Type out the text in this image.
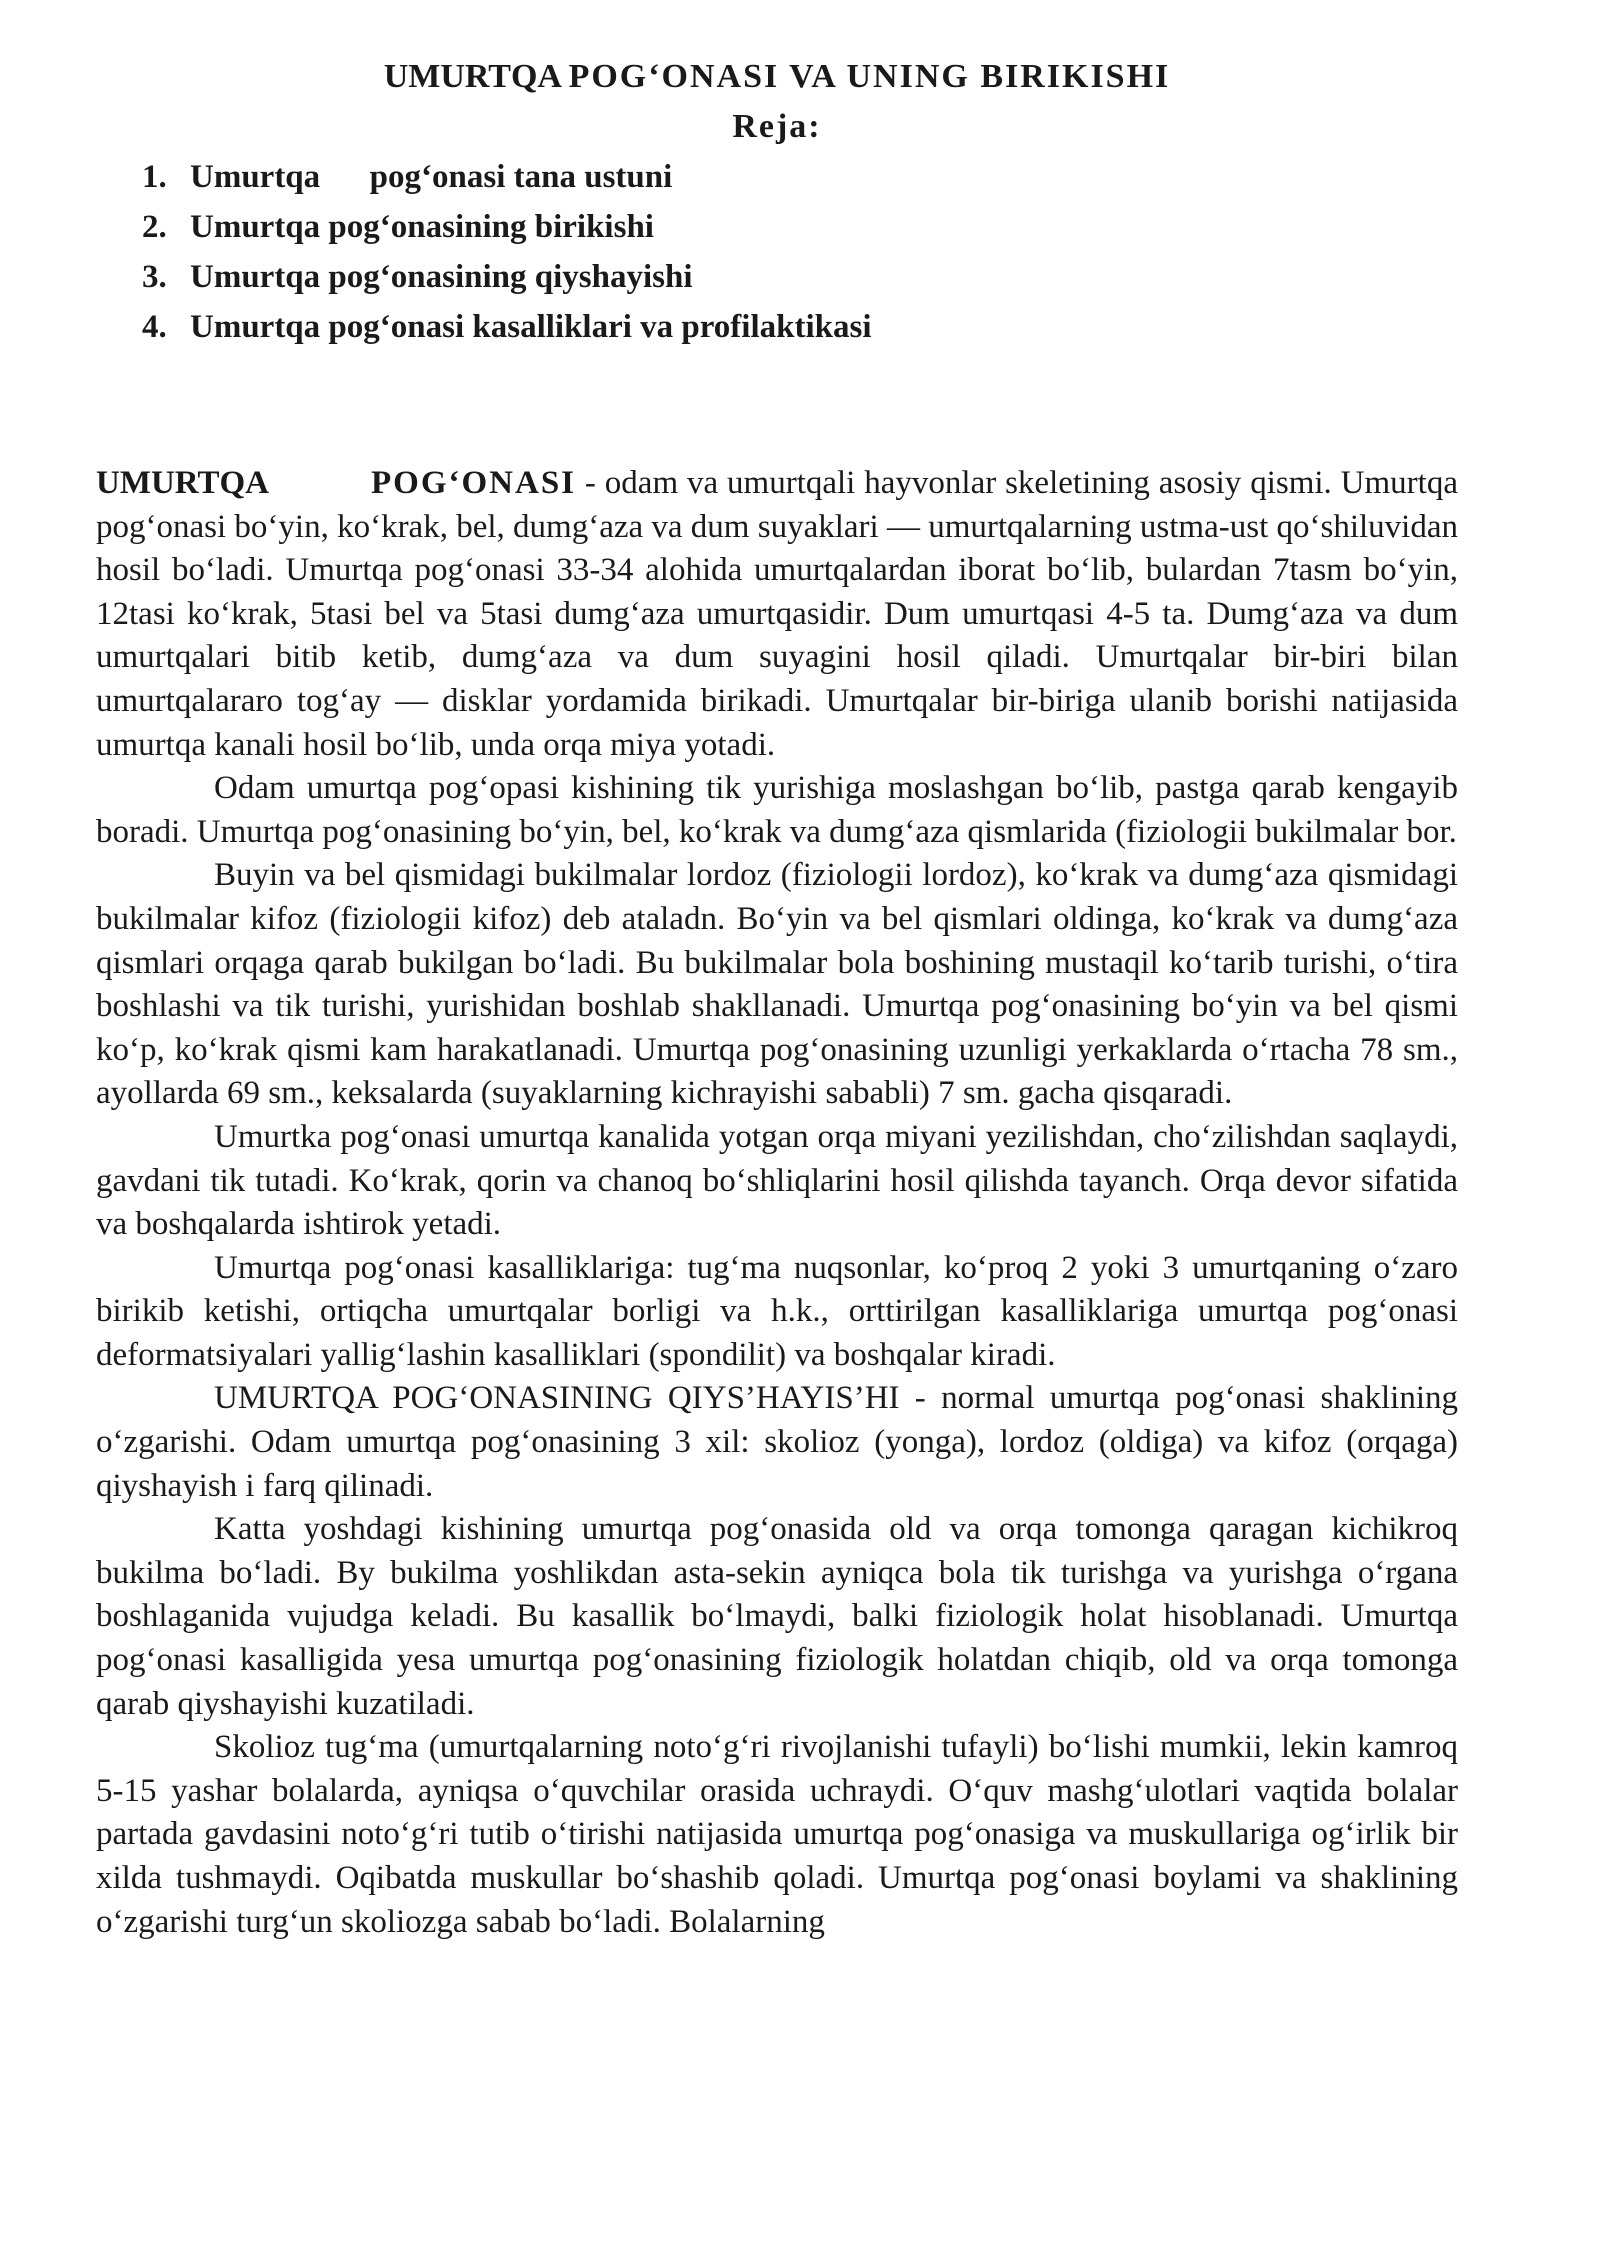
UMURTQA POG‘ONASI VA UNING BIRIKISHI

Reja:

1. Umurtqa      pog‘onasi tana ustuni
2. Umurtqa pog‘onasining birikishi
3. Umurtqa pog‘onasining qiyshayishi
4. Umurtqa pog‘onasi kasalliklari va profilaktikasi

UMURTQA	POG‘ONASI - odam va umurtqali hayvonlar skeletining asosiy qismi. Umurtqa pog‘onasi bo‘yin, ko‘krak, bel, dumg‘aza va dum suyaklari — umurtqalarning ustma-ust qo‘shiluvidan hosil bo‘ladi. Umurtqa pog‘onasi 33-34 alohida umurtqalardan iborat bo‘lib, bulardan 7tasm bo‘yin, 12tasi ko‘krak, 5tasi bel va 5tasi dumg‘aza umurtqasidir. Dum umurtqasi 4-5 ta. Dumg‘aza va dum umurtqalari bitib ketib, dumg‘aza va dum suyagini hosil qiladi. Umurtqalar bir-biri bilan umurtqalararo tog‘ay — disklar yordamida birikadi. Umurtqalar bir-biriga ulanib borishi natijasida umurtqa kanali hosil bo‘lib, unda orqa miya yotadi.

Odam umurtqa pog‘opasi kishining tik yurishiga moslashgan bo‘lib, pastga qarab kengayib boradi. Umurtqa pog‘onasining bo‘yin, bel, ko‘krak va dumg‘aza qismlarida (fiziologii bukilmalar bor.

Buyin va bel qismidagi bukilmalar lordoz (fiziologii lordoz), ko‘krak va dumg‘aza qismidagi bukilmalar kifoz (fiziologii kifoz) deb ataladn. Bo‘yin va bel qismlari oldinga, ko‘krak va dumg‘aza qismlari orqaga qarab bukilgan bo‘ladi. Bu bukilmalar bola boshining mustaqil ko‘tarib turishi, o‘tira boshlashi va tik turishi, yurishidan boshlab shakllanadi. Umurtqa pog‘onasining bo‘yin va bel qismi ko‘p, ko‘krak qismi kam harakatlanadi. Umurtqa pog‘onasining uzunligi yerkaklarda o‘rtacha 78 sm., ayollarda 69 sm., keksalarda (suyaklarning kichrayishi sababli) 7 sm. gacha qisqaradi.

Umurtka pog‘onasi umurtqa kanalida yotgan orqa miyani yezilishdan, cho‘zilishdan saqlaydi, gavdani tik tutadi. Ko‘krak, qorin va chanoq bo‘shliqlarini hosil qilishda tayanch. Orqa devor sifatida va boshqalarda ishtirok yetadi.

Umurtqa pog‘onasi kasalliklariga: tug‘ma nuqsonlar, ko‘proq 2 yoki 3 umurtqaning o‘zaro birikib ketishi, ortiqcha umurtqalar borligi va h.k., orttirilgan kasalliklariga umurtqa pog‘onasi deformatsiyalari yallig‘lashin kasalliklari (spondilit) va boshqalar kiradi.

UMURTQA POG‘ONASINING QIYS’HAYIS’HI - normal umurtqa pog‘onasi shaklining o‘zgarishi. Odam umurtqa pog‘onasining 3 xil: skolioz (yonga), lordoz (oldiga) va kifoz (orqaga) qiyshayish i farq qilinadi.

Katta yoshdagi kishining umurtqa pog‘onasida old va orqa tomonga qaragan kichikroq bukilma bo‘ladi. By bukilma yoshlikdan asta-sekin ayniqca bola tik turishga va yurishga o‘rgana boshlaganida vujudga keladi. Bu kasallik bo‘lmaydi, balki fiziologik holat hisoblanadi. Umurtqa pog‘onasi kasalligida yesa umurtqa pog‘onasining fiziologik holatdan chiqib, old va orqa tomonga qarab qiyshayishi kuzatiladi.

Skolioz tug‘ma (umurtqalarning noto‘g‘ri rivojlanishi tufayli) bo‘lishi mumkii, lekin kamroq 5-15 yashar bolalarda, ayniqsa o‘quvchilar orasida uchraydi. O‘quv mashg‘ulotlari vaqtida bolalar partada gavdasini noto‘g‘ri tutib o‘tirishi natijasida umurtqa pog‘onasiga va muskullariga og‘irlik bir xilda tushmaydi. Oqibatda muskullar bo‘shashib qoladi. Umurtqa pog‘onasi boylami va shaklining o‘zgarishi turg‘un skoliozga sabab bo‘ladi. Bolalarning
